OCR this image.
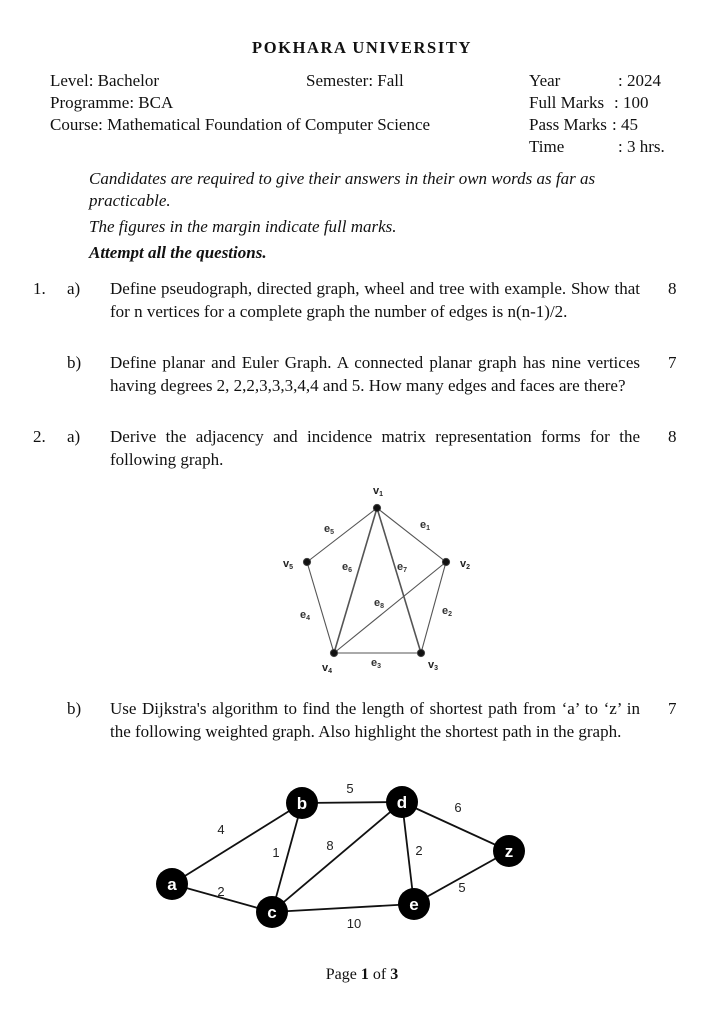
POKHARA UNIVERSITY
Level: Bachelor	Semester: Fall
Programme: BCA
Course: Mathematical Foundation of Computer Science
Year	: 2024
Full Marks : 100
Pass Marks : 45
Time	: 3 hrs.
Candidates are required to give their answers in their own words as far as practicable.
The figures in the margin indicate full marks.
Attempt all the questions.
1. a) Define pseudograph, directed graph, wheel and tree with example. Show that for n vertices for a complete graph the number of edges is n(n-1)/2.
8
b) Define planar and Euler Graph. A connected planar graph has nine vertices having degrees 2, 2,2,3,3,3,4,4 and 5. How many edges and faces are there?
7
2. a) Derive the adjacency and incidence matrix representation forms for the following graph.
8
e1
e2
e3
e4
e5
e6	e7
e8
v1
v2
v3
v4
v5
4
2
1
5
8
10
2
6
5
a
b
c
d
e
z
b) Use Dijkstra's algorithm to find the length of shortest path from ‘a’ to ‘z’ in the following weighted graph. Also highlight the shortest path in the graph.
7
Page 1 of 3
